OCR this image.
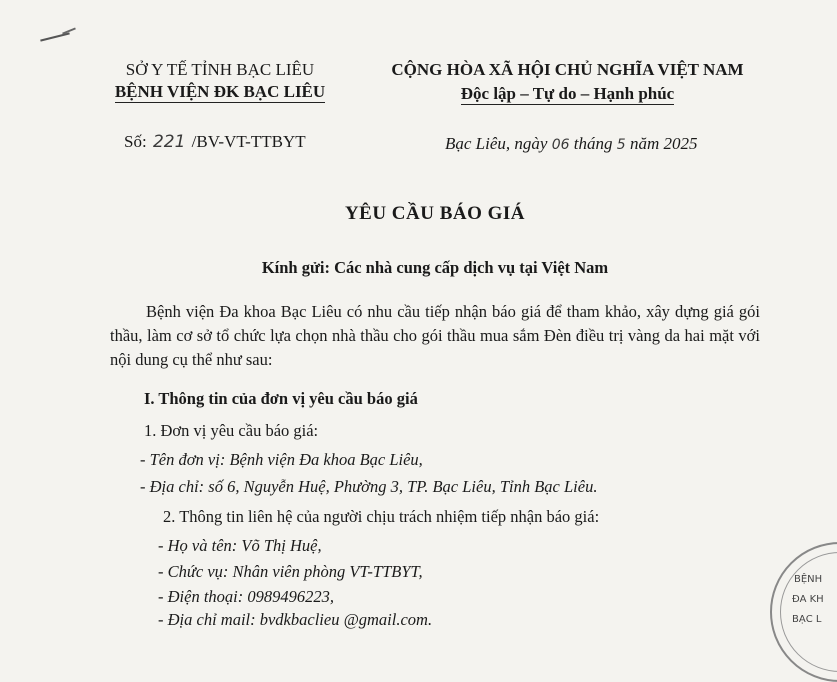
SỞ Y TẾ TỈNH BẠC LIÊU
BỆNH VIỆN ĐK BẠC LIÊU
CỘNG HÒA XÃ HỘI CHỦ NGHĨA VIỆT NAM
Độc lập – Tự do – Hạnh phúc
Số: 221 /BV-VT-TTBYT	Bạc Liêu, ngày 06 tháng 5 năm 2025
YÊU CẦU BÁO GIÁ
Kính gửi: Các nhà cung cấp dịch vụ tại Việt Nam
Bệnh viện Đa khoa Bạc Liêu có nhu cầu tiếp nhận báo giá để tham khảo, xây dựng giá gói thầu, làm cơ sở tổ chức lựa chọn nhà thầu cho gói thầu mua sắm Đèn điều trị vàng da hai mặt với nội dung cụ thể như sau:
I. Thông tin của đơn vị yêu cầu báo giá
1. Đơn vị yêu cầu báo giá:
- Tên đơn vị: Bệnh viện Đa khoa Bạc Liêu,
- Địa chỉ: số 6, Nguyễn Huệ, Phường 3, TP. Bạc Liêu, Tỉnh Bạc Liêu.
2. Thông tin liên hệ của người chịu trách nhiệm tiếp nhận báo giá:
- Họ và tên: Võ Thị Huệ,
- Chức vụ: Nhân viên phòng VT-TTBYT,
- Điện thoại: 0989496223,
- Địa chỉ mail: bvdkbaclieu @gmail.com.
BỆNH
ĐA KH
BẠC L
